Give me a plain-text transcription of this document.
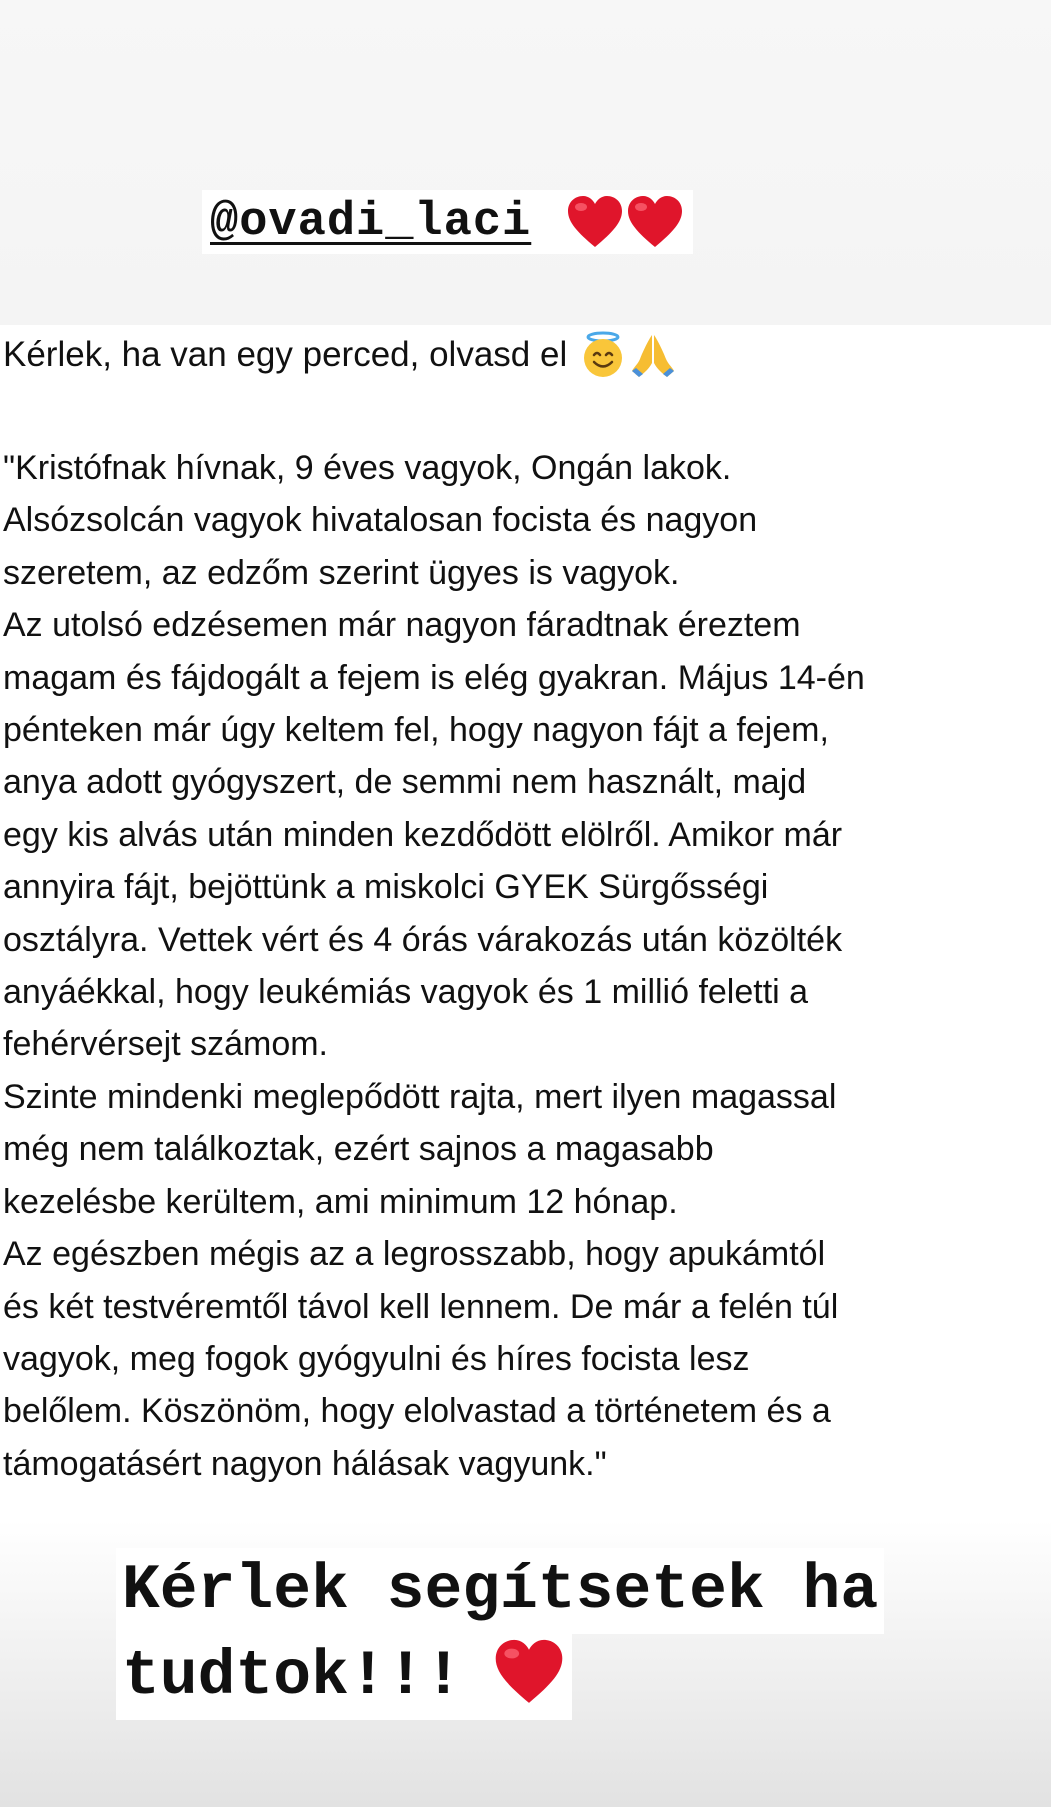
@ovadi_laci
Kérlek, ha van egy perced, olvasd el
"Kristófnak hívnak, 9 éves vagyok, Ongán lakok.
Alsózsolcán vagyok hivatalosan focista és nagyon
szeretem, az edzőm szerint ügyes is vagyok.
Az utolsó edzésemen már nagyon fáradtnak éreztem
magam és fájdogált a fejem is elég gyakran. Május 14-én
pénteken már úgy keltem fel, hogy nagyon fájt a fejem,
anya adott gyógyszert, de semmi nem használt, majd
egy kis alvás után minden kezdődött elölről. Amikor már
annyira fájt, bejöttünk a miskolci GYEK Sürgősségi
osztályra. Vettek vért és 4 órás várakozás után közölték
anyáékkal, hogy leukémiás vagyok és 1 millió feletti a
fehérvérsejt számom.
Szinte mindenki meglepődött rajta, mert ilyen magassal
még nem találkoztak, ezért sajnos a magasabb
kezelésbe kerültem, ami minimum 12 hónap.
Az egészben mégis az a legrosszabb, hogy apukámtól
és két testvéremtől távol kell lennem. De már a felén túl
vagyok, meg fogok gyógyulni és híres focista lesz
belőlem. Köszönöm, hogy elolvastad a történetem és a
támogatásért nagyon hálásak vagyunk."
Kérlek segítsetek ha
tudtok!!!
